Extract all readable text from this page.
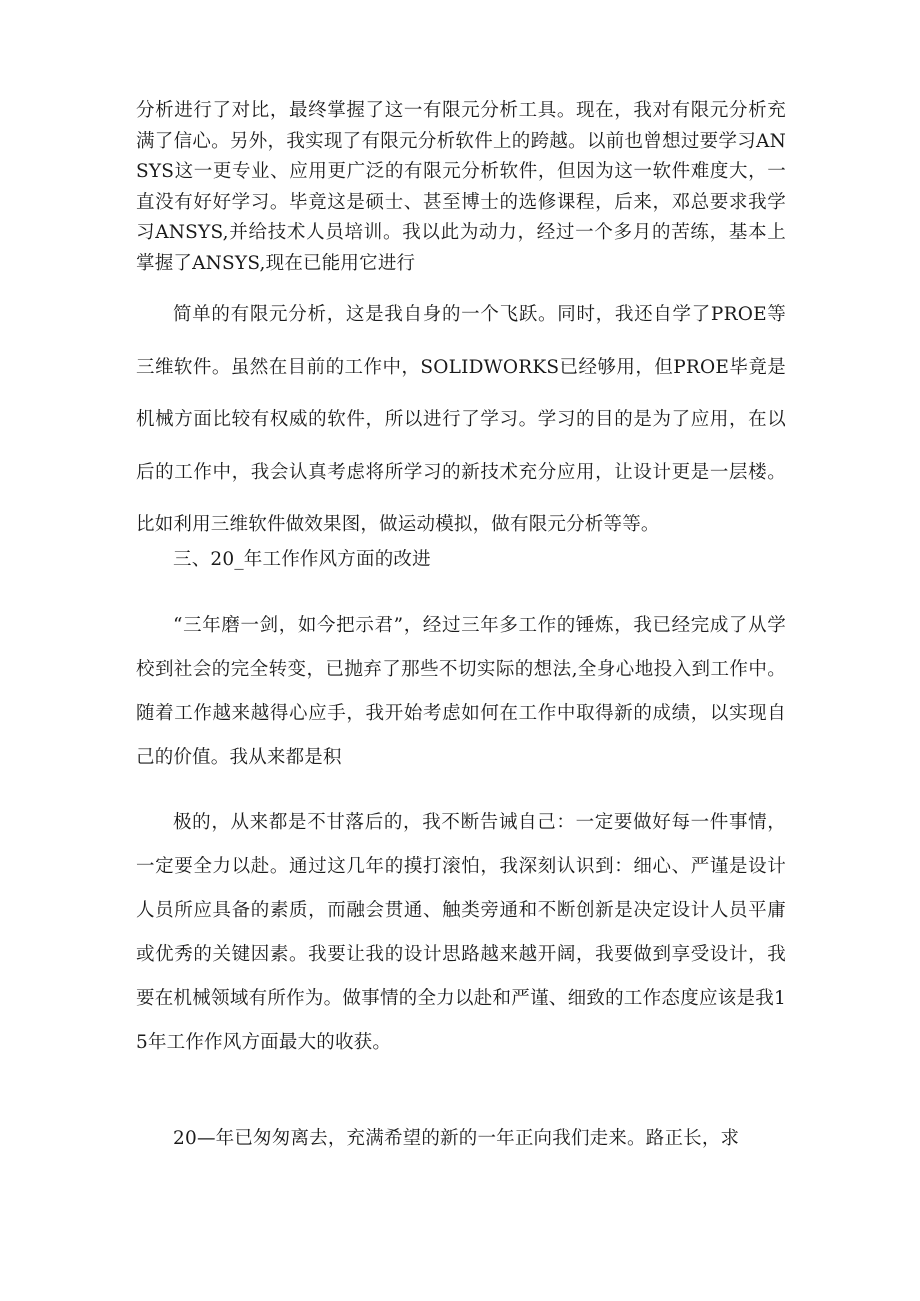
分析进行了对比，最终掌握了这一有限元分析工具。现在，我对有限元分析充满了信心。另外，我实现了有限元分析软件上的跨越。以前也曾想过要学习ANSYS这一更专业、应用更广泛的有限元分析软件，但因为这一软件难度大，一直没有好好学习。毕竟这是硕士、甚至博士的选修课程，后来，邓总要求我学习ANSYS,并给技术人员培训。我以此为动力，经过一个多月的苦练，基本上掌握了ANSYS,现在已能用它进行

简单的有限元分析，这是我自身的一个飞跃。同时，我还自学了PROE等三维软件。虽然在目前的工作中，SOLIDWORKS已经够用，但PROE毕竟是机械方面比较有权威的软件，所以进行了学习。学习的目的是为了应用，在以后的工作中，我会认真考虑将所学习的新技术充分应用，让设计更是一层楼。比如利用三维软件做效果图，做运动模拟，做有限元分析等等。

三、20_年工作作风方面的改进

“三年磨一剑，如今把示君”，经过三年多工作的锤炼，我已经完成了从学校到社会的完全转变，已抛弃了那些不切实际的想法,全身心地投入到工作中。随着工作越来越得心应手，我开始考虑如何在工作中取得新的成绩，以实现自己的价值。我从来都是积

极的，从来都是不甘落后的，我不断告诫自己：一定要做好每一件事情，一定要全力以赴。通过这几年的摸打滚怕，我深刻认识到：细心、严谨是设计人员所应具备的素质，而融会贯通、触类旁通和不断创新是决定设计人员平庸或优秀的关键因素。我要让我的设计思路越来越开阔，我要做到享受设计，我要在机械领域有所作为。做事情的全力以赴和严谨、细致的工作态度应该是我15年工作作风方面最大的收获。

20—年已匆匆离去，充满希望的新的一年正向我们走来。路正长，求
